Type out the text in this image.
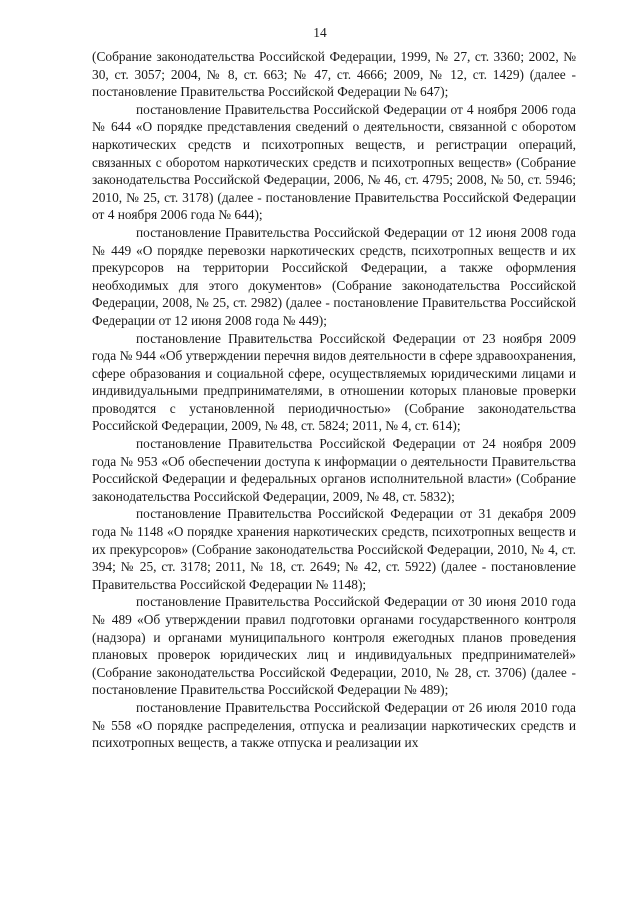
14

(Собрание законодательства Российской Федерации, 1999, № 27, ст. 3360; 2002, № 30, ст. 3057; 2004, № 8, ст. 663; № 47, ст. 4666; 2009, № 12, ст. 1429) (далее - постановление Правительства Российской Федерации № 647);

постановление Правительства Российской Федерации от 4 ноября 2006 года № 644 «О порядке представления сведений о деятельности, связанной с оборотом наркотических средств и психотропных веществ, и регистрации операций, связанных с оборотом наркотических средств и психотропных веществ» (Собрание законодательства Российской Федерации, 2006, № 46, ст. 4795; 2008, № 50, ст. 5946; 2010, № 25, ст. 3178) (далее - постановление Правительства Российской Федерации от 4 ноября 2006 года № 644);

постановление Правительства Российской Федерации от 12 июня 2008 года № 449 «О порядке перевозки наркотических средств, психотропных веществ и их прекурсоров на территории Российской Федерации, а также оформления необходимых для этого документов» (Собрание законодательства Российской Федерации, 2008, № 25, ст. 2982) (далее - постановление Правительства Российской Федерации от 12 июня 2008 года № 449);

постановление Правительства Российской Федерации от 23 ноября 2009 года № 944 «Об утверждении перечня видов деятельности в сфере здравоохранения, сфере образования и социальной сфере, осуществляемых юридическими лицами и индивидуальными предпринимателями, в отношении которых плановые проверки проводятся с установленной периодичностью» (Собрание законодательства Российской Федерации, 2009, № 48, ст. 5824; 2011, № 4, ст. 614);

постановление Правительства Российской Федерации от 24 ноября 2009 года № 953 «Об обеспечении доступа к информации о деятельности Правительства Российской Федерации и федеральных органов исполнительной власти» (Собрание законодательства Российской Федерации, 2009, № 48, ст. 5832);

постановление Правительства Российской Федерации от 31 декабря 2009 года № 1148 «О порядке хранения наркотических средств, психотропных веществ и их прекурсоров» (Собрание законодательства Российской Федерации, 2010, № 4, ст. 394; № 25, ст. 3178; 2011, № 18, ст. 2649; № 42, ст. 5922) (далее - постановление Правительства Российской Федерации № 1148);

постановление Правительства Российской Федерации от 30 июня 2010 года № 489 «Об утверждении правил подготовки органами государственного контроля (надзора) и органами муниципального контроля ежегодных планов проведения плановых проверок юридических лиц и индивидуальных предпринимателей» (Собрание законодательства Российской Федерации, 2010, № 28, ст. 3706) (далее - постановление Правительства Российской Федерации № 489);

постановление Правительства Российской Федерации от 26 июля 2010 года № 558 «О порядке распределения, отпуска и реализации наркотических средств и психотропных веществ, а также отпуска и реализации их
